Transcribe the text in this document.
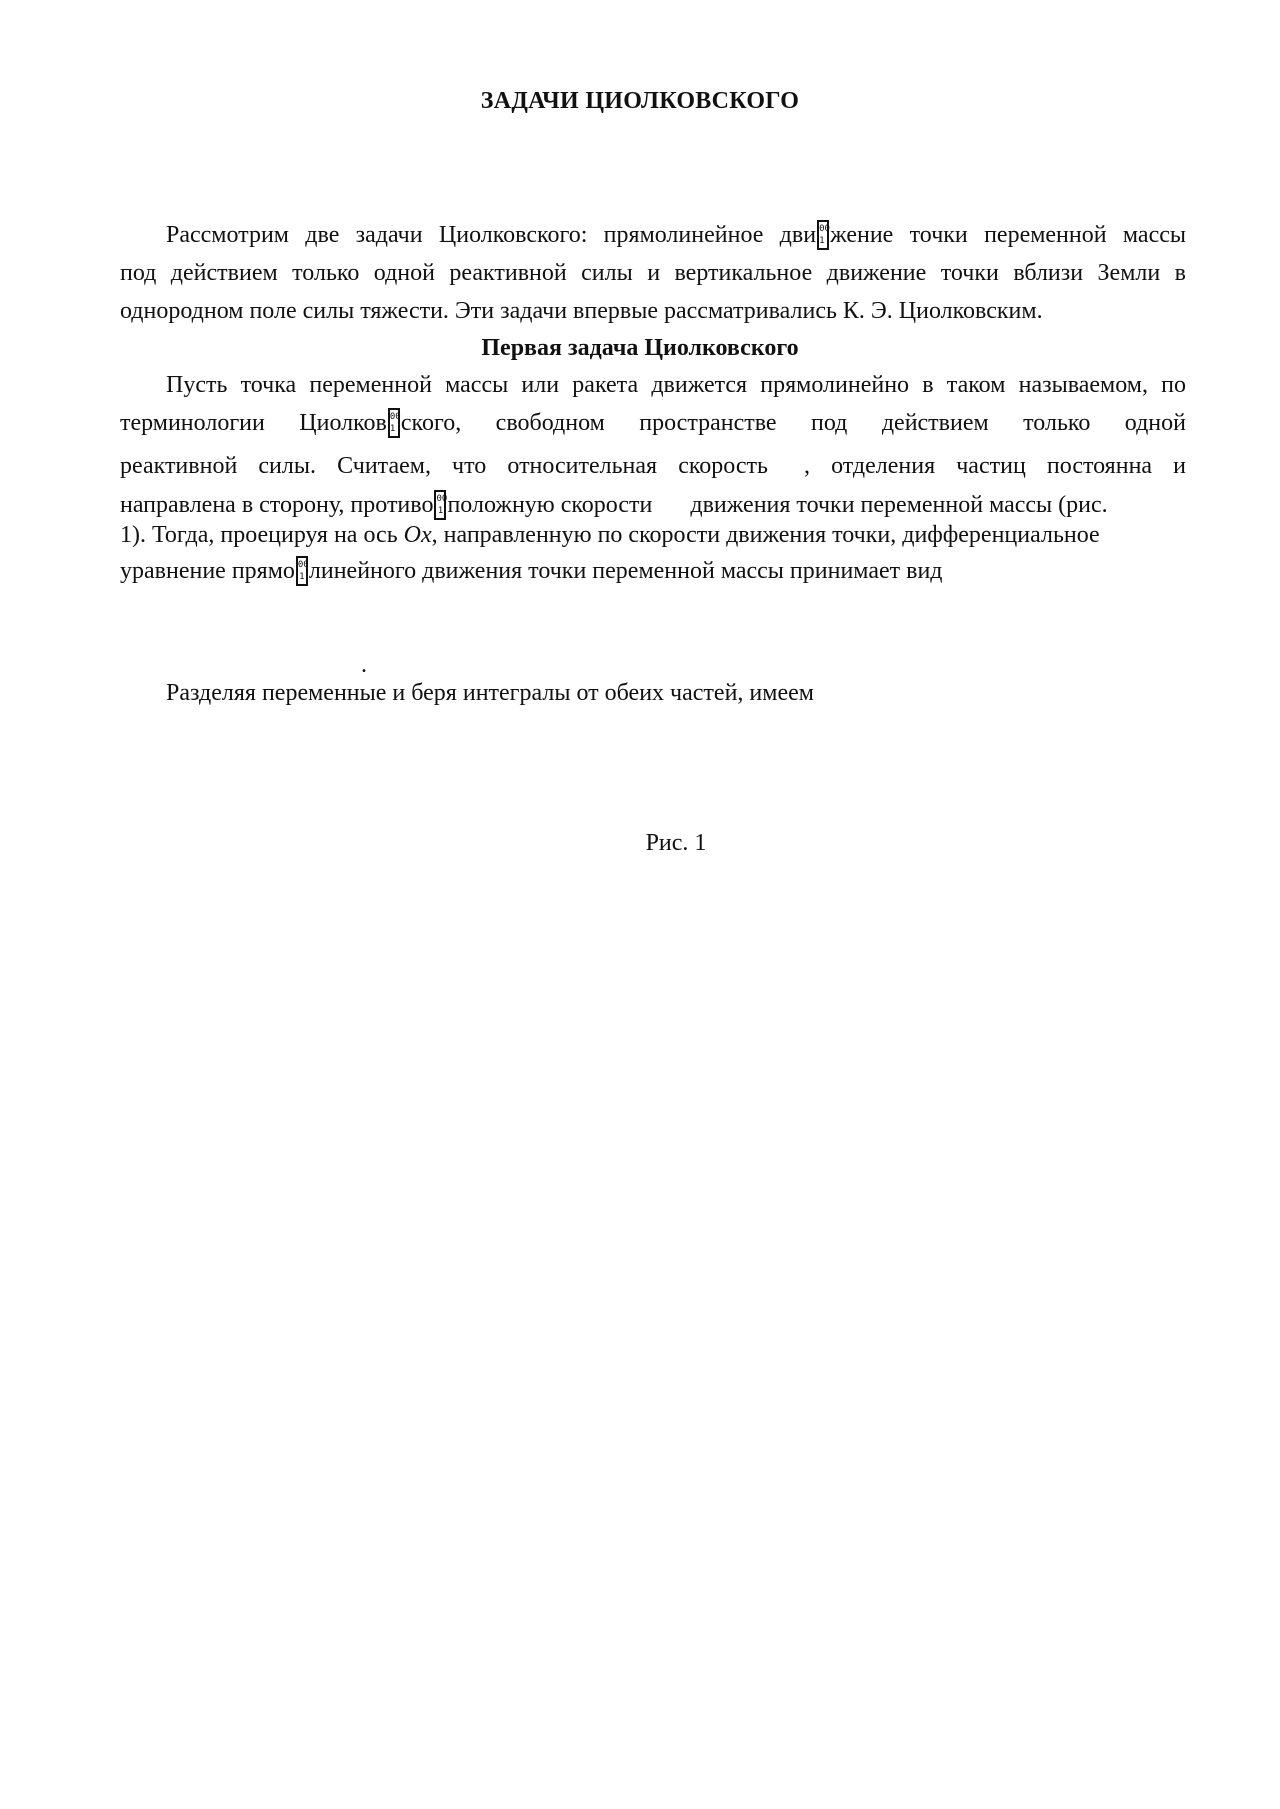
ЗАДАЧИ ЦИОЛКОВСКОГО
Рассмотрим две задачи Циолковского: прямолинейное дви 00
1 жение точки переменной массы
под действием только одной реактивной силы и вертикальное движение точки вблизи Земли в
однородном поле силы тяжести. Эти задачи впервые рассматривались К. Э. Циолковским.
Первая задача Циолковского
Пусть точка переменной массы или ракета движется прямолинейно в таком называемом, по
терминологии Циолков 00
1 ского, свободном пространстве под действием только одной
реактивной силы. Считаем, что относительная скорость , отделения частиц постоянна и
направлена в сторону, противо 00
1 положную скорости движения точки переменной массы (рис.
1). Тогда, проецируя на ось Ox, направленную по скорости движения точки, дифференциальное
уравнение прямо 00
1 линейного движения точки переменной массы принимает вид
.
Разделяя переменные и беря интегралы от обеих частей, имеем
Рис. 1
